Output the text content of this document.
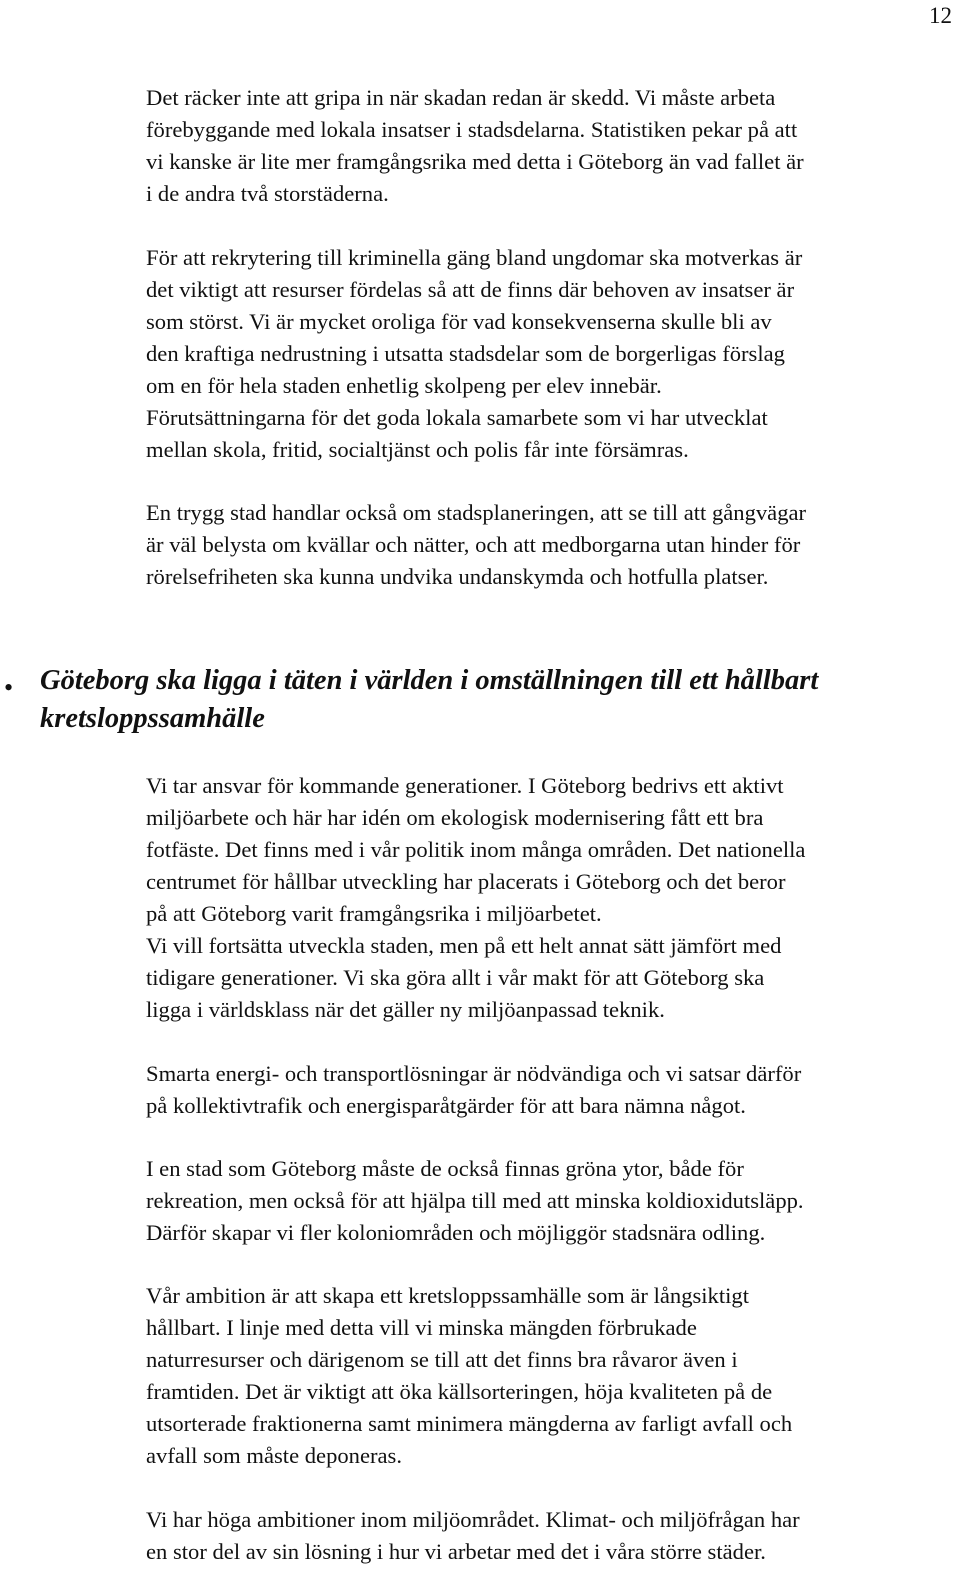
12
Det räcker inte att gripa in när skadan redan är skedd. Vi måste arbeta
förebyggande med lokala insatser i stadsdelarna. Statistiken pekar på att
vi kanske är lite mer framgångsrika med detta i Göteborg än vad fallet är
i de andra två storstäderna.
För att rekrytering till kriminella gäng bland ungdomar ska motverkas är
det viktigt att resurser fördelas så att de finns där behoven av insatser är
som störst. Vi är mycket oroliga för vad konsekvenserna skulle bli av
den kraftiga nedrustning i utsatta stadsdelar som de borgerligas förslag
om en för hela staden enhetlig skolpeng per elev innebär.
Förutsättningarna för det goda lokala samarbete som vi har utvecklat
mellan skola, fritid, socialtjänst och polis får inte försämras.
En trygg stad handlar också om stadsplaneringen, att se till att gångvägar
är väl belysta om kvällar och nätter, och att medborgarna utan hinder för
rörelsefriheten ska kunna undvika undanskymda och hotfulla platser.
• Göteborg ska ligga i täten i världen i omställningen till ett hållbart
kretsloppssamhälle
Vi tar ansvar för kommande generationer. I Göteborg bedrivs ett aktivt
miljöarbete och här har idén om ekologisk modernisering fått ett bra
fotfäste. Det finns med i vår politik inom många områden. Det nationella
centrumet för hållbar utveckling har placerats i Göteborg och det beror
på att Göteborg varit framgångsrika i miljöarbetet.
Vi vill fortsätta utveckla staden, men på ett helt annat sätt jämfört med
tidigare generationer. Vi ska göra allt i vår makt för att Göteborg ska
ligga i världsklass när det gäller ny miljöanpassad teknik.
Smarta energi- och transportlösningar är nödvändiga och vi satsar därför
på kollektivtrafik och energisparåtgärder för att bara nämna något.
I en stad som Göteborg måste de också finnas gröna ytor, både för
rekreation, men också för att hjälpa till med att minska koldioxidutsläpp.
Därför skapar vi fler koloniområden och möjliggör stadsnära odling.
Vår ambition är att skapa ett kretsloppssamhälle som är långsiktigt
hållbart. I linje med detta vill vi minska mängden förbrukade
naturresurser och därigenom se till att det finns bra råvaror även i
framtiden. Det är viktigt att öka källsorteringen, höja kvaliteten på de
utsorterade fraktionerna samt minimera mängderna av farligt avfall och
avfall som måste deponeras.
Vi har höga ambitioner inom miljöområdet. Klimat- och miljöfrågan har
en stor del av sin lösning i hur vi arbetar med det i våra större städer.
